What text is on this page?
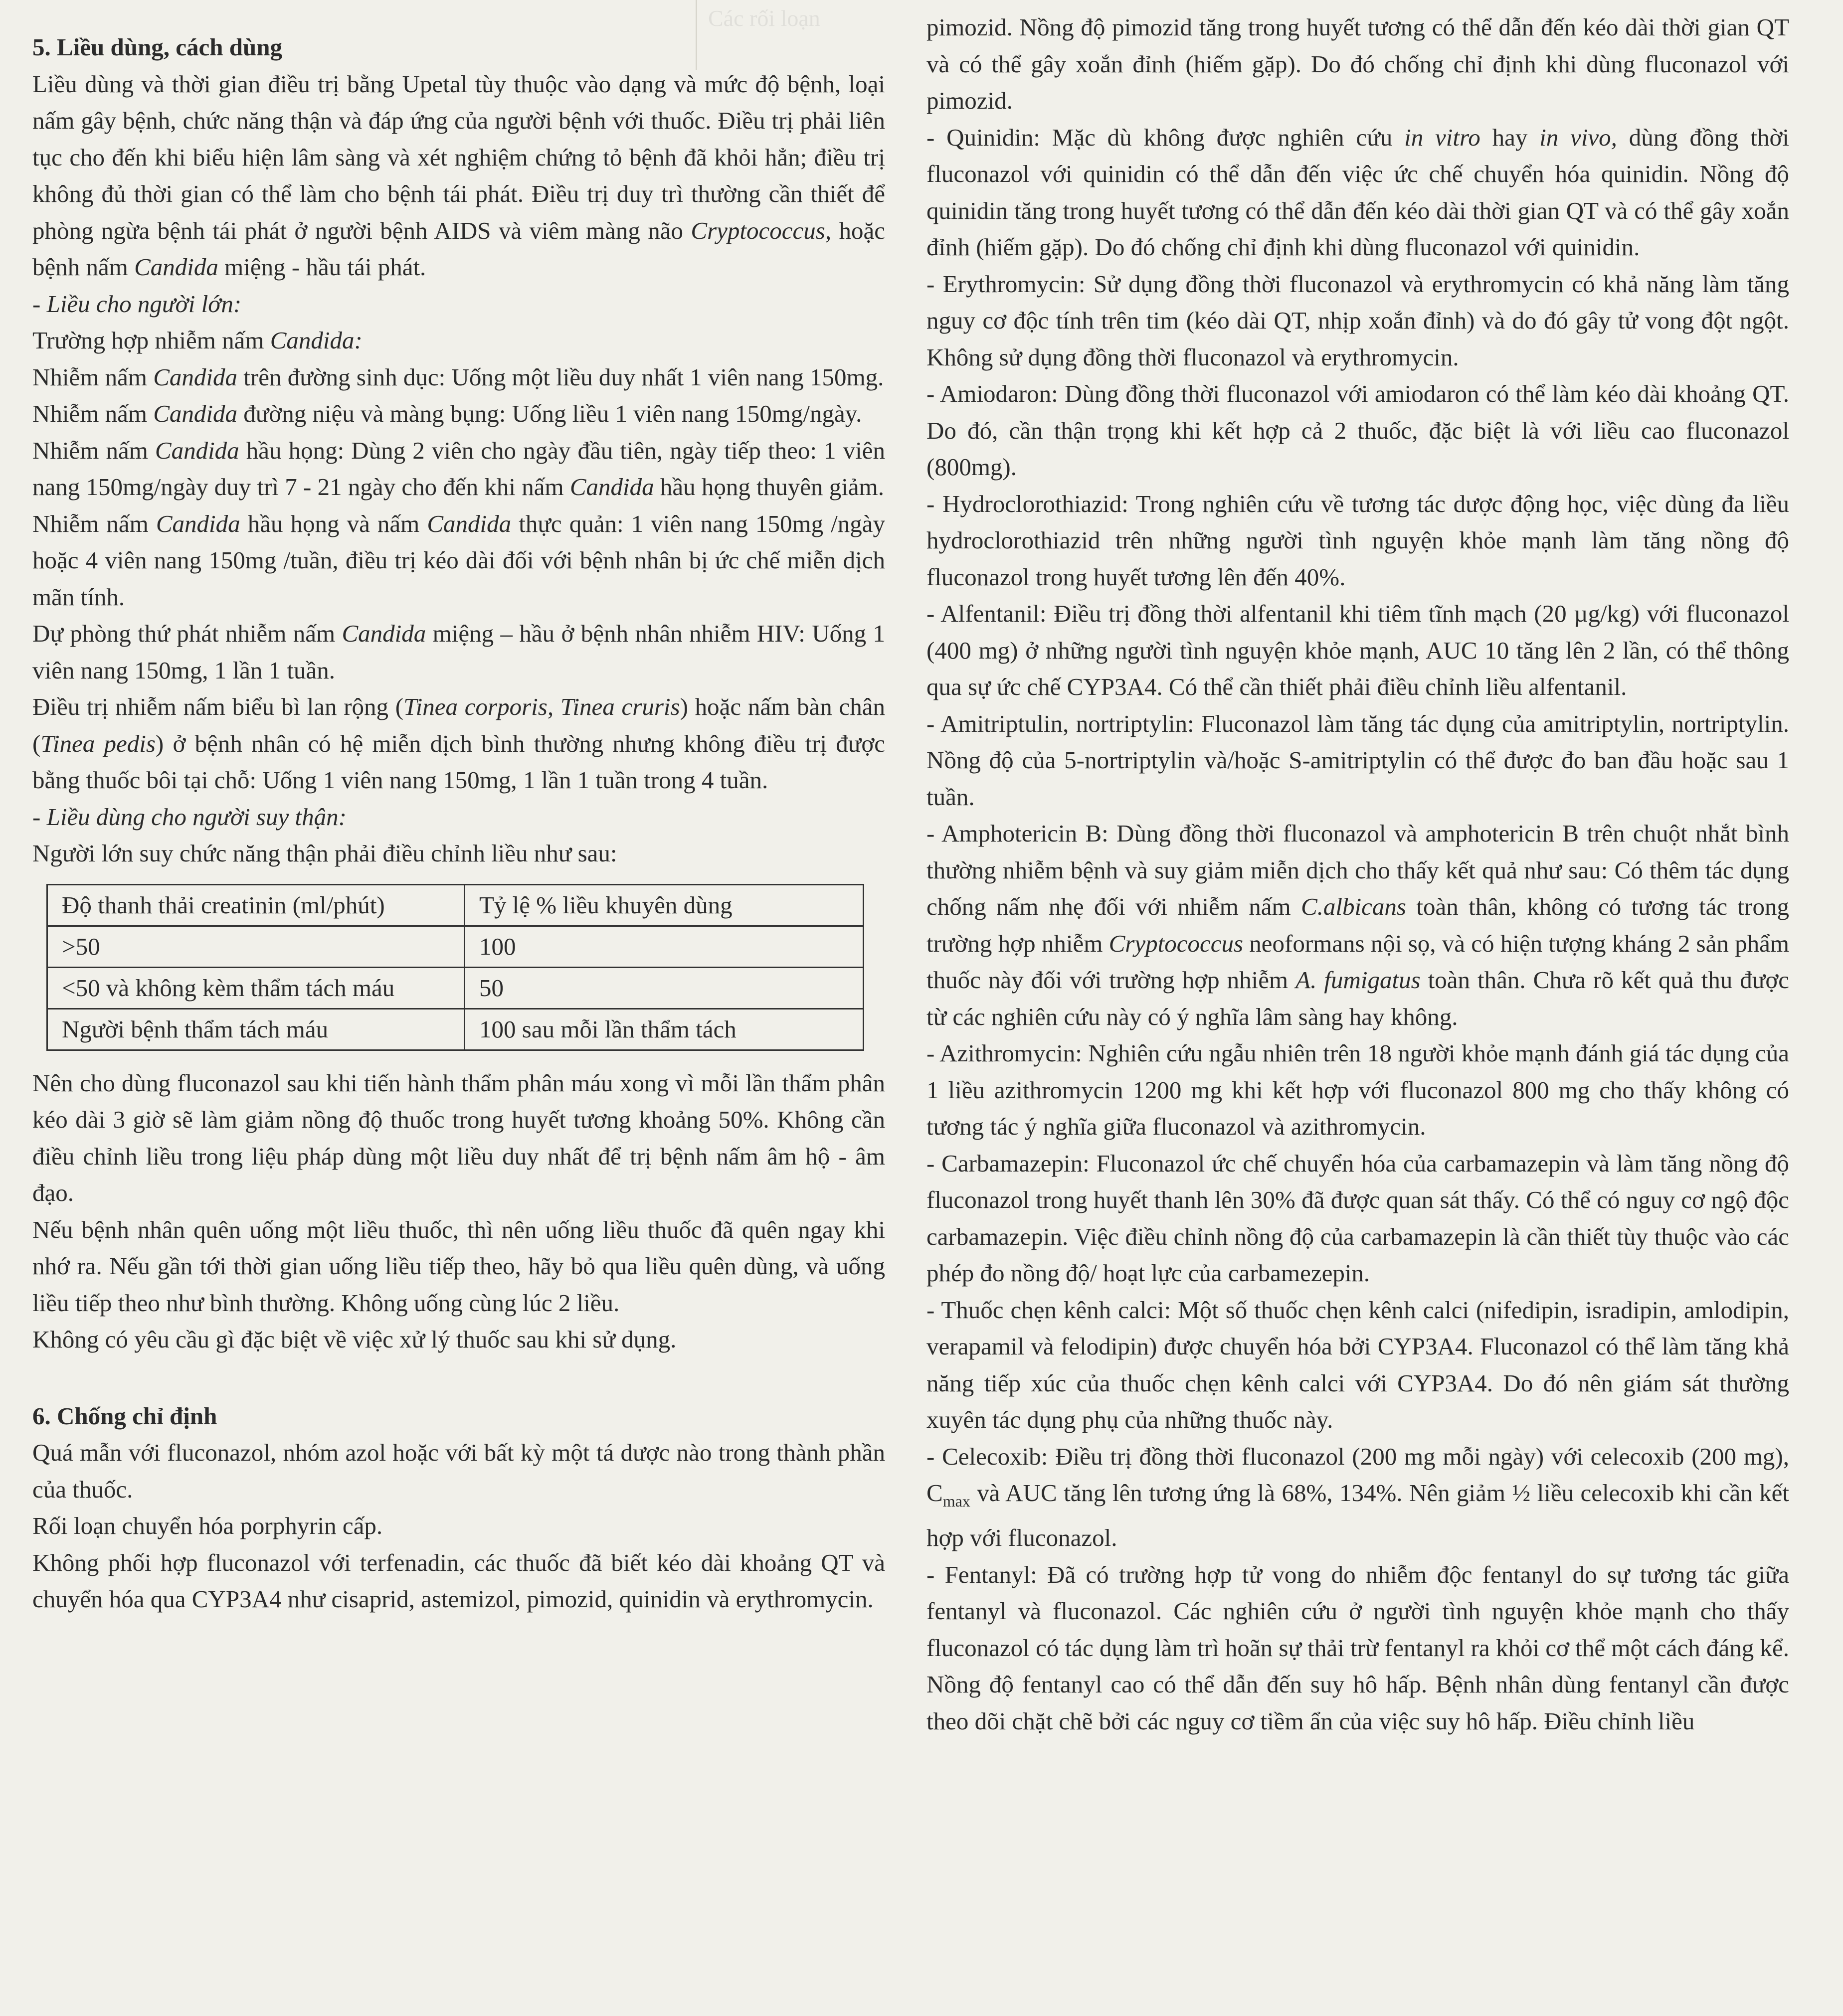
Các rối loạn

5. Liều dùng, cách dùng

Liều dùng và thời gian điều trị bằng Upetal tùy thuộc vào dạng và mức độ bệnh, loại nấm gây bệnh, chức năng thận và đáp ứng của người bệnh với thuốc. Điều trị phải liên tục cho đến khi biểu hiện lâm sàng và xét nghiệm chứng tỏ bệnh đã khỏi hẳn; điều trị không đủ thời gian có thể làm cho bệnh tái phát. Điều trị duy trì thường cần thiết để phòng ngừa bệnh tái phát ở người bệnh AIDS và viêm màng não Cryptococcus, hoặc bệnh nấm Candida miệng - hầu tái phát.

- Liều cho người lớn:

Trường hợp nhiễm nấm Candida:

Nhiễm nấm Candida trên đường sinh dục: Uống một liều duy nhất 1 viên nang 150mg.

Nhiễm nấm Candida đường niệu và màng bụng: Uống liều 1 viên nang 150mg/ngày.

Nhiễm nấm Candida hầu họng: Dùng 2 viên cho ngày đầu tiên, ngày tiếp theo: 1 viên nang 150mg/ngày duy trì 7 - 21 ngày cho đến khi nấm Candida hầu họng thuyên giảm.

Nhiễm nấm Candida hầu họng và nấm Candida thực quản: 1 viên nang 150mg /ngày hoặc 4 viên nang 150mg /tuần, điều trị kéo dài đối với bệnh nhân bị ức chế miễn dịch mãn tính.

Dự phòng thứ phát nhiễm nấm Candida miệng – hầu ở bệnh nhân nhiễm HIV: Uống 1 viên nang 150mg, 1 lần 1 tuần.

Điều trị nhiễm nấm biểu bì lan rộng (Tinea corporis, Tinea cruris) hoặc nấm bàn chân (Tinea pedis) ở bệnh nhân có hệ miễn dịch bình thường nhưng không điều trị được bằng thuốc bôi tại chỗ: Uống 1 viên nang 150mg, 1 lần 1 tuần trong 4 tuần.

- Liều dùng cho người suy thận:

Người lớn suy chức năng thận phải điều chỉnh liều như sau:

Độ thanh thải creatinin (ml/phút)	Tỷ lệ % liều khuyên dùng
>50	100
<50 và không kèm thẩm tách máu	50
Người bệnh thẩm tách máu	100 sau mỗi lần thẩm tách

Nên cho dùng fluconazol sau khi tiến hành thẩm phân máu xong vì mỗi lần thẩm phân kéo dài 3 giờ sẽ làm giảm nồng độ thuốc trong huyết tương khoảng 50%. Không cần điều chỉnh liều trong liệu pháp dùng một liều duy nhất để trị bệnh nấm âm hộ - âm đạo.

Nếu bệnh nhân quên uống một liều thuốc, thì nên uống liều thuốc đã quên ngay khi nhớ ra. Nếu gần tới thời gian uống liều tiếp theo, hãy bỏ qua liều quên dùng, và uống liều tiếp theo như bình thường. Không uống cùng lúc 2 liều.

Không có yêu cầu gì đặc biệt về việc xử lý thuốc sau khi sử dụng.

6. Chống chỉ định

Quá mẫn với fluconazol, nhóm azol hoặc với bất kỳ một tá dược nào trong thành phần của thuốc.

Rối loạn chuyển hóa porphyrin cấp.

Không phối hợp fluconazol với terfenadin, các thuốc đã biết kéo dài khoảng QT và chuyển hóa qua CYP3A4 như cisaprid, astemizol, pimozid, quinidin và erythromycin.

pimozid. Nồng độ pimozid tăng trong huyết tương có thể dẫn đến kéo dài thời gian QT và có thể gây xoắn đỉnh (hiếm gặp). Do đó chống chỉ định khi dùng fluconazol với pimozid.

- Quinidin: Mặc dù không được nghiên cứu in vitro hay in vivo, dùng đồng thời fluconazol với quinidin có thể dẫn đến việc ức chế chuyển hóa quinidin. Nồng độ quinidin tăng trong huyết tương có thể dẫn đến kéo dài thời gian QT và có thể gây xoắn đỉnh (hiếm gặp). Do đó chống chỉ định khi dùng fluconazol với quinidin.

- Erythromycin: Sử dụng đồng thời fluconazol và erythromycin có khả năng làm tăng nguy cơ độc tính trên tim (kéo dài QT, nhịp xoắn đỉnh) và do đó gây tử vong đột ngột. Không sử dụng đồng thời fluconazol và erythromycin.

- Amiodaron: Dùng đồng thời fluconazol với amiodaron có thể làm kéo dài khoảng QT. Do đó, cần thận trọng khi kết hợp cả 2 thuốc, đặc biệt là với liều cao fluconazol (800mg).

- Hydroclorothiazid: Trong nghiên cứu về tương tác dược động học, việc dùng đa liều hydroclorothiazid trên những người tình nguyện khỏe mạnh làm tăng nồng độ fluconazol trong huyết tương lên đến 40%.

- Alfentanil: Điều trị đồng thời alfentanil khi tiêm tĩnh mạch (20 µg/kg) với fluconazol (400 mg) ở những người tình nguyện khỏe mạnh, AUC 10 tăng lên 2 lần, có thể thông qua sự ức chế CYP3A4. Có thể cần thiết phải điều chỉnh liều alfentanil.

- Amitriptulin, nortriptylin: Fluconazol làm tăng tác dụng của amitriptylin, nortriptylin. Nồng độ của 5-nortriptylin và/hoặc S-amitriptylin có thể được đo ban đầu hoặc sau 1 tuần.

- Amphotericin B: Dùng đồng thời fluconazol và amphotericin B trên chuột nhắt bình thường nhiễm bệnh và suy giảm miễn dịch cho thấy kết quả như sau: Có thêm tác dụng chống nấm nhẹ đối với nhiễm nấm C.albicans toàn thân, không có tương tác trong trường hợp nhiễm Cryptococcus neoformans nội sọ, và có hiện tượng kháng 2 sản phẩm thuốc này đối với trường hợp nhiễm A. fumigatus toàn thân. Chưa rõ kết quả thu được từ các nghiên cứu này có ý nghĩa lâm sàng hay không.

- Azithromycin: Nghiên cứu ngẫu nhiên trên 18 người khỏe mạnh đánh giá tác dụng của 1 liều azithromycin 1200 mg khi kết hợp với fluconazol 800 mg cho thấy không có tương tác ý nghĩa giữa fluconazol và azithromycin.

- Carbamazepin: Fluconazol ức chế chuyển hóa của carbamazepin và làm tăng nồng độ fluconazol trong huyết thanh lên 30% đã được quan sát thấy. Có thể có nguy cơ ngộ độc carbamazepin. Việc điều chỉnh nồng độ của carbamazepin là cần thiết tùy thuộc vào các phép đo nồng độ/ hoạt lực của carbamezepin.

- Thuốc chẹn kênh calci: Một số thuốc chẹn kênh calci (nifedipin, isradipin, amlodipin, verapamil và felodipin) được chuyển hóa bởi CYP3A4. Fluconazol có thể làm tăng khả năng tiếp xúc của thuốc chẹn kênh calci với CYP3A4. Do đó nên giám sát thường xuyên tác dụng phụ của những thuốc này.

- Celecoxib: Điều trị đồng thời fluconazol (200 mg mỗi ngày) với celecoxib (200 mg), $C_{max}$ và AUC tăng lên tương ứng là 68%, 134%. Nên giảm ½ liều celecoxib khi cần kết hợp với fluconazol.

- Fentanyl: Đã có trường hợp tử vong do nhiễm độc fentanyl do sự tương tác giữa fentanyl và fluconazol. Các nghiên cứu ở người tình nguyện khỏe mạnh cho thấy fluconazol có tác dụng làm trì hoãn sự thải trừ fentanyl ra khỏi cơ thể một cách đáng kể. Nồng độ fentanyl cao có thể dẫn đến suy hô hấp. Bệnh nhân dùng fentanyl cần được theo dõi chặt chẽ bởi các nguy cơ tiềm ẩn của việc suy hô hấp. Điều chỉnh liều
